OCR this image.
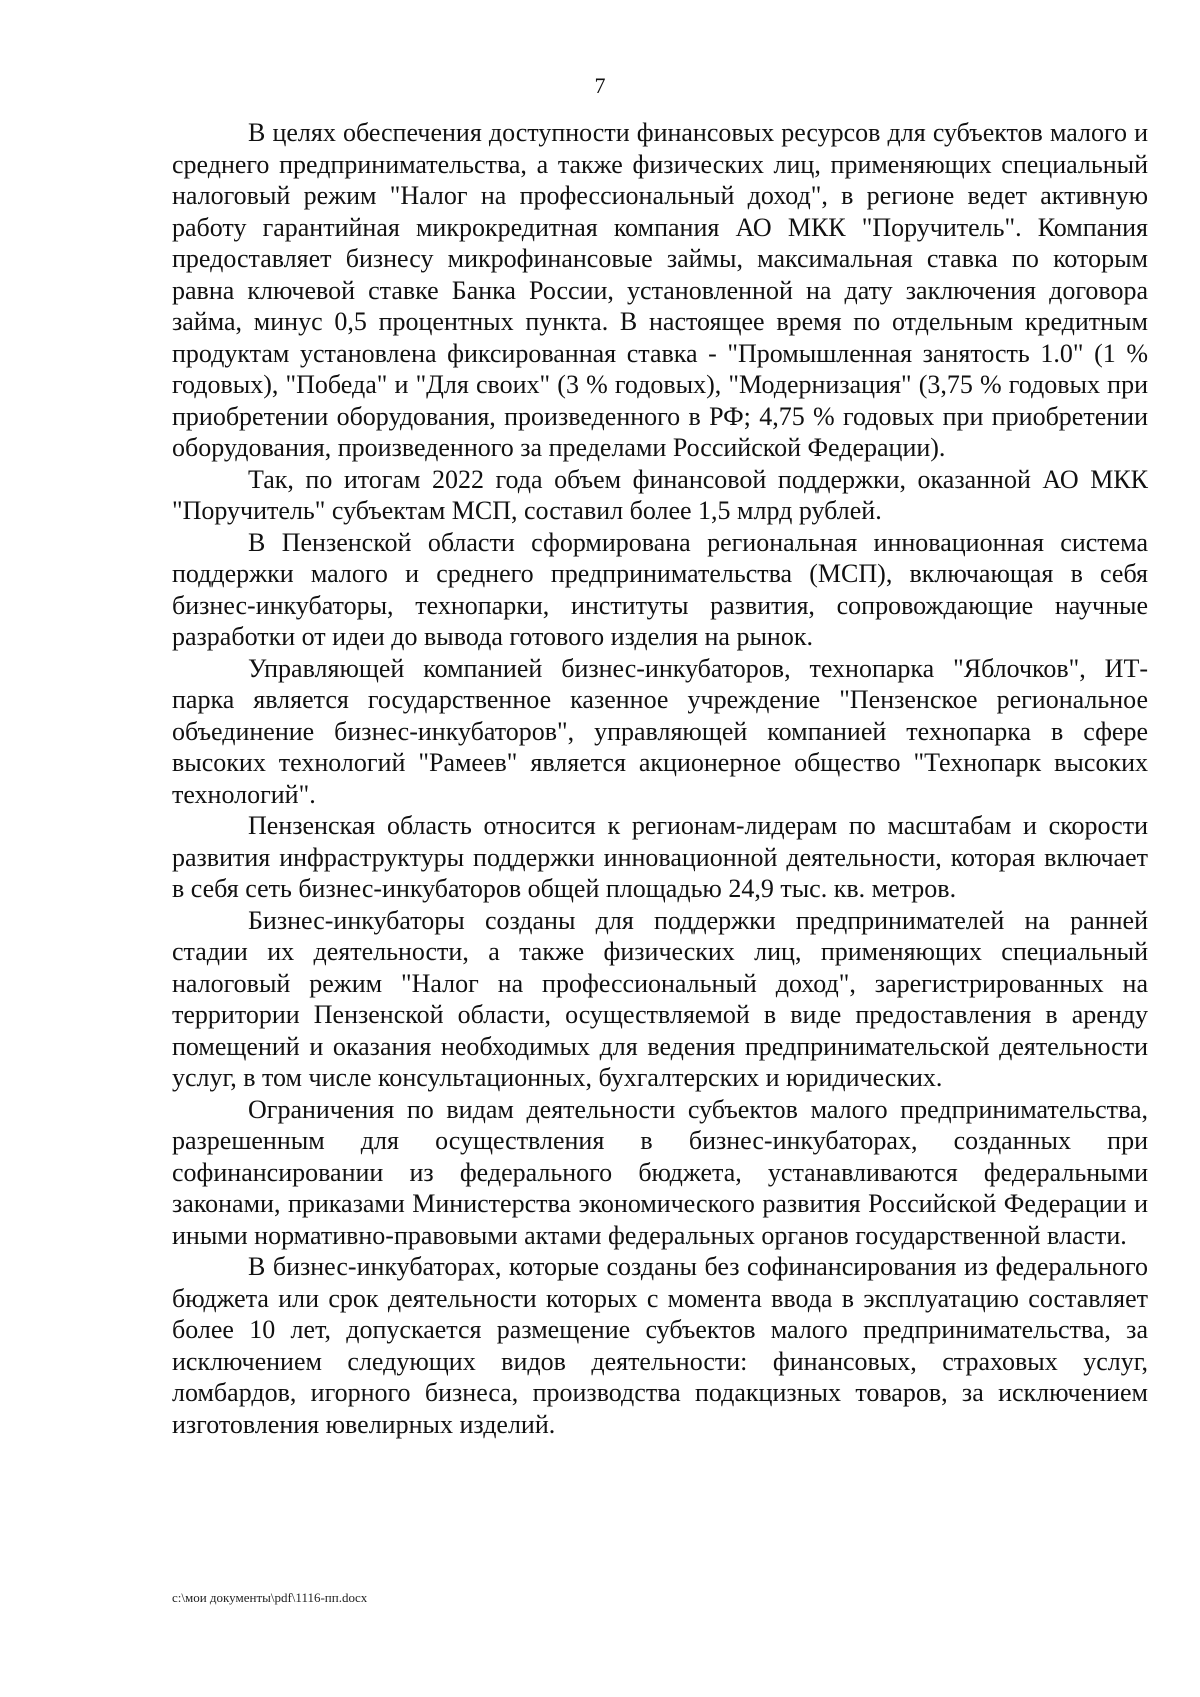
7

В целях обеспечения доступности финансовых ресурсов для субъектов малого и среднего предпринимательства, а также физических лиц, применяющих специальный налоговый режим "Налог на профессиональный доход", в регионе ведет активную работу гарантийная микрокредитная компания АО МКК "Поручитель". Компания предоставляет бизнесу микрофинансовые займы, максимальная ставка по которым равна ключевой ставке Банка России, установленной на дату заключения договора займа, минус 0,5 процентных пункта. В настоящее время по отдельным кредитным продуктам установлена фиксированная ставка - "Промышленная занятость 1.0" (1 % годовых), "Победа" и "Для своих" (3 % годовых), "Модернизация" (3,75 % годовых при приобретении оборудования, произведенного в РФ; 4,75 % годовых при приобретении оборудования, произведенного за пределами Российской Федерации).

Так, по итогам 2022 года объем финансовой поддержки, оказанной АО МКК "Поручитель" субъектам МСП, составил более 1,5 млрд рублей.

В Пензенской области сформирована региональная инновационная система поддержки малого и среднего предпринимательства (МСП), включающая в себя бизнес-инкубаторы, технопарки, институты развития, сопровождающие научные разработки от идеи до вывода готового изделия на рынок.

Управляющей компанией бизнес-инкубаторов, технопарка "Яблочков", ИТ-парка является государственное казенное учреждение "Пензенское региональное объединение бизнес-инкубаторов", управляющей компанией технопарка в сфере высоких технологий "Рамеев" является акционерное общество "Технопарк высоких технологий".

Пензенская область относится к регионам-лидерам по масштабам и скорости развития инфраструктуры поддержки инновационной деятельности, которая включает в себя сеть бизнес-инкубаторов общей площадью 24,9 тыс. кв. метров.

Бизнес-инкубаторы созданы для поддержки предпринимателей на ранней стадии их деятельности, а также физических лиц, применяющих специальный налоговый режим "Налог на профессиональный доход", зарегистрированных на территории Пензенской области, осуществляемой в виде предоставления в аренду помещений и оказания необходимых для ведения предпринимательской деятельности услуг, в том числе консультационных, бухгалтерских и юридических.

Ограничения по видам деятельности субъектов малого предпринимательства, разрешенным для осуществления в бизнес-инкубаторах, созданных при софинансировании из федерального бюджета, устанавливаются федеральными законами, приказами Министерства экономического развития Российской Федерации и иными нормативно-правовыми актами федеральных органов государственной власти.

В бизнес-инкубаторах, которые созданы без софинансирования из федерального бюджета или срок деятельности которых с момента ввода в эксплуатацию составляет более 10 лет, допускается размещение субъектов малого предпринимательства, за исключением следующих видов деятельности: финансовых, страховых услуг, ломбардов, игорного бизнеса, производства подакцизных товаров, за исключением изготовления ювелирных изделий.

c:\мои документы\pdf\1116-пп.docx
